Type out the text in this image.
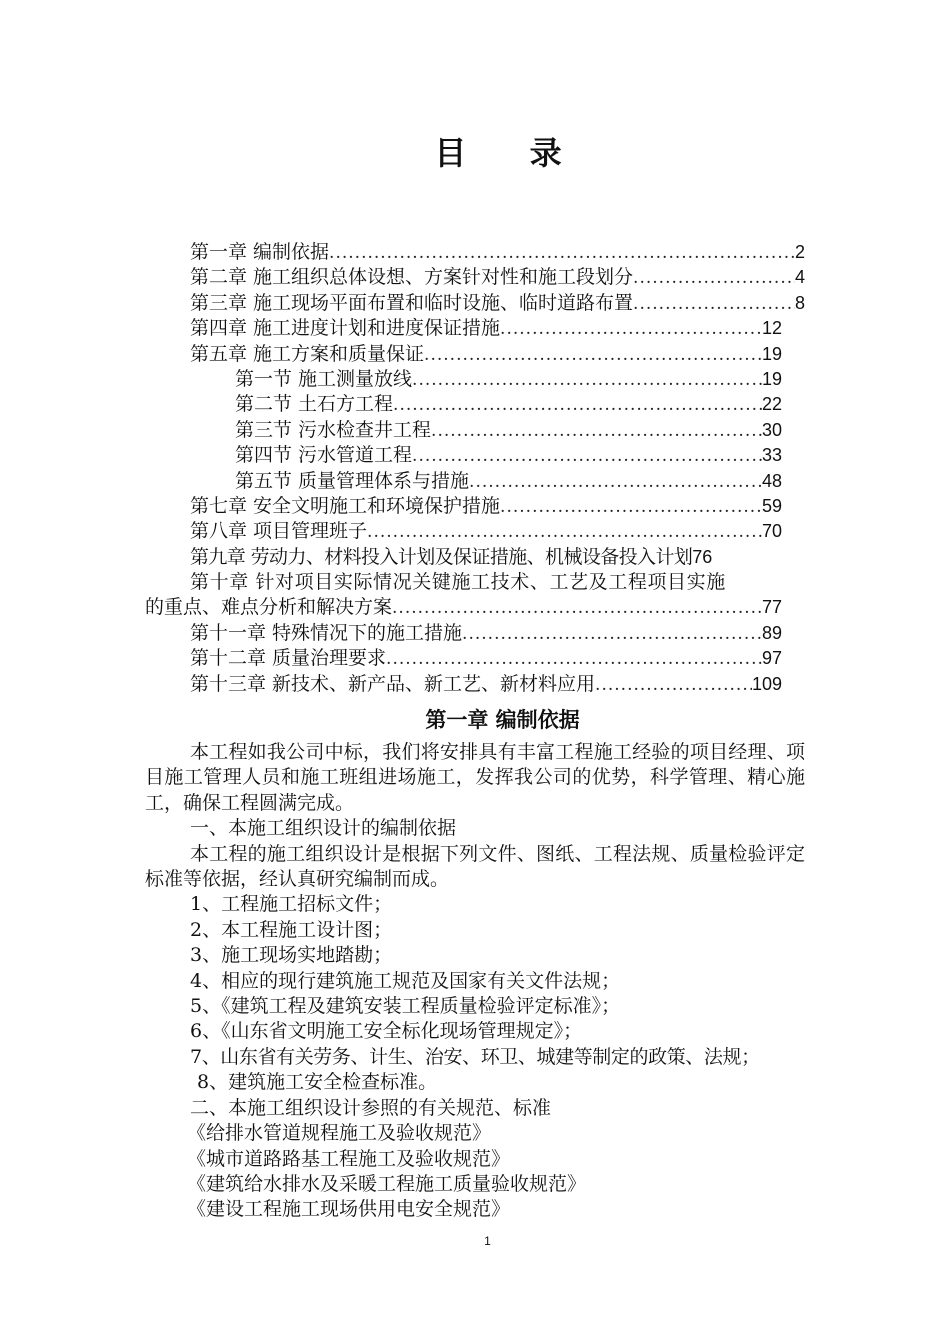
目 录
第一章 编制依据 .....	2
第二章 施工组织总体设想、方案针对性和施工段划分 .....	4
第三章 施工现场平面布置和临时设施、临时道路布置 .....	8
第四章 施工进度计划和进度保证措施 .....	12
第五章 施工方案和质量保证 .....	19
第一节 施工测量放线 .....	19
第二节 土石方工程 .....	22
第三节 污水检查井工程 .....	30
第四节 污水管道工程 .....	33
第五节 质量管理体系与措施 .....	48
第七章 安全文明施工和环境保护措施 .....	59
第八章 项目管理班子 .....	70
第九章 劳动力、材料投入计划及保证措施、机械设备投入计划 76
第十章 针对项目实际情况关键施工技术、工艺及工程项目实施
的重点、难点分析和解决方案 .....	77
第十一章 特殊情况下的施工措施 .....	89
第十二章 质量治理要求 .....	97
第十三章 新技术、新产品、新工艺、新材料应用 .....	109
第一章 编制依据

本工程如我公司中标，我们将安排具有丰富工程施工经验的项目经理、项目施工管理人员和施工班组进场施工，发挥我公司的优势，科学管理、精心施工，确保工程圆满完成。

一、本施工组织设计的编制依据

本工程的施工组织设计是根据下列文件、图纸、工程法规、质量检验评定标准等依据，经认真研究编制而成。

1、工程施工招标文件；

2、本工程施工设计图；

3、施工现场实地踏勘；

4、相应的现行建筑施工规范及国家有关文件法规；

5、《建筑工程及建筑安装工程质量检验评定标准》；

6、《山东省文明施工安全标化现场管理规定》；

7、山东省有关劳务、计生、治安、环卫、城建等制定的政策、法规；

8、建筑施工安全检查标准。

二、本施工组织设计参照的有关规范、标准

《给排水管道规程施工及验收规范》

《城市道路路基工程施工及验收规范》

《建筑给水排水及采暖工程施工质量验收规范》

《建设工程施工现场供用电安全规范》

1
